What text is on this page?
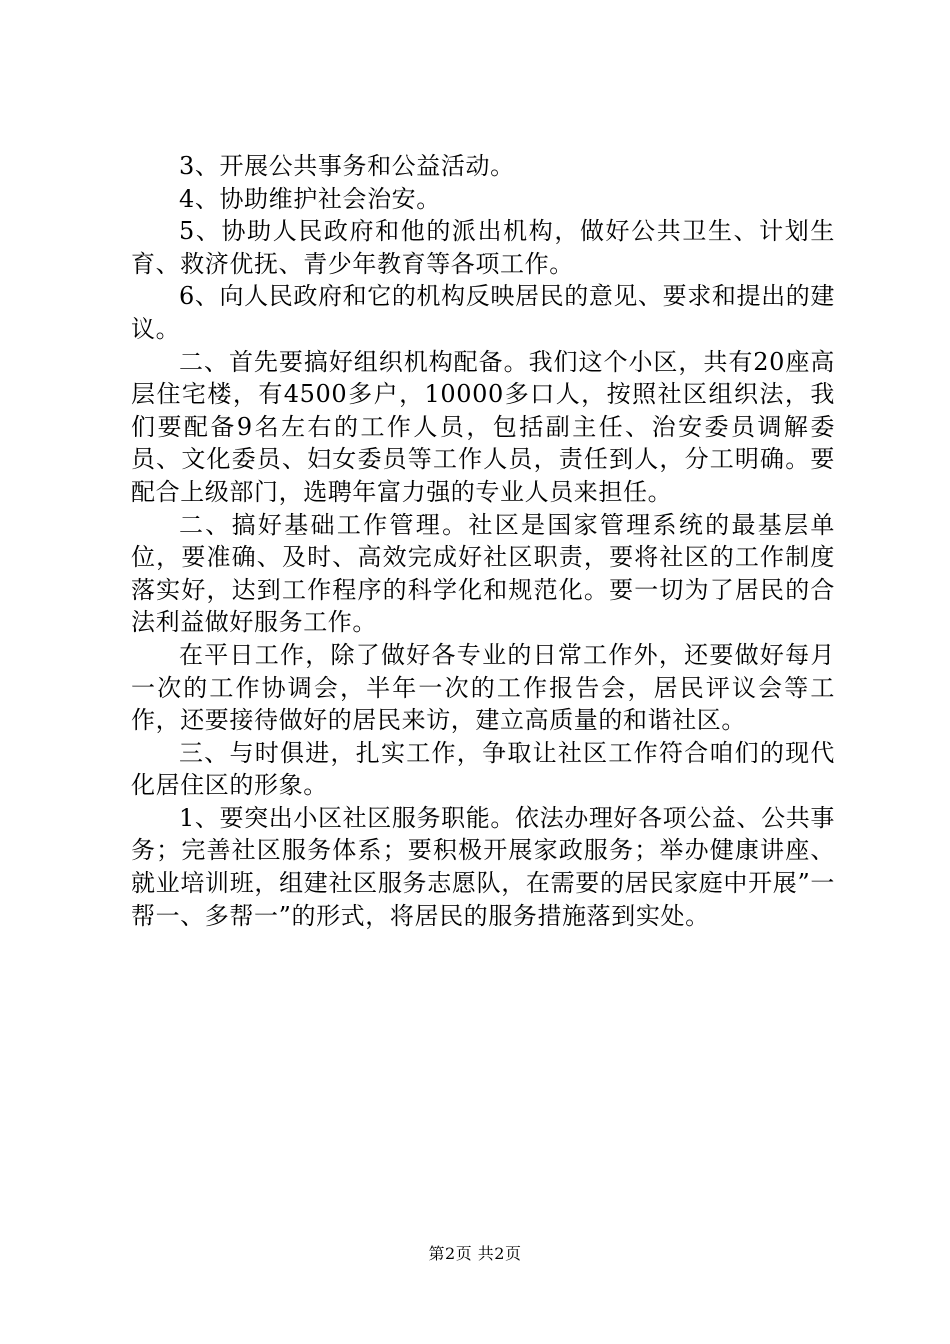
3、开展公共事务和公益活动。

4、协助维护社会治安。

5、协助人民政府和他的派出机构，做好公共卫生、计划生育、救济优抚、青少年教育等各项工作。

6、向人民政府和它的机构反映居民的意见、要求和提出的建议。

二、首先要搞好组织机构配备。我们这个小区，共有20座高层住宅楼，有4500多户，10000多口人，按照社区组织法，我们要配备9名左右的工作人员，包括副主任、治安委员调解委员、文化委员、妇女委员等工作人员，责任到人，分工明确。要配合上级部门，选聘年富力强的专业人员来担任。

二、搞好基础工作管理。社区是国家管理系统的最基层单位，要准确、及时、高效完成好社区职责，要将社区的工作制度落实好，达到工作程序的科学化和规范化。要一切为了居民的合法利益做好服务工作。

在平日工作，除了做好各专业的日常工作外，还要做好每月一次的工作协调会，半年一次的工作报告会，居民评议会等工作，还要接待做好的居民来访，建立高质量的和谐社区。

三、与时俱进，扎实工作，争取让社区工作符合咱们的现代化居住区的形象。

1、要突出小区社区服务职能。依法办理好各项公益、公共事务；完善社区服务体系；要积极开展家政服务；举办健康讲座、就业培训班，组建社区服务志愿队，在需要的居民家庭中开展”一帮一、多帮一”的形式，将居民的服务措施落到实处。

第2页 共2页
